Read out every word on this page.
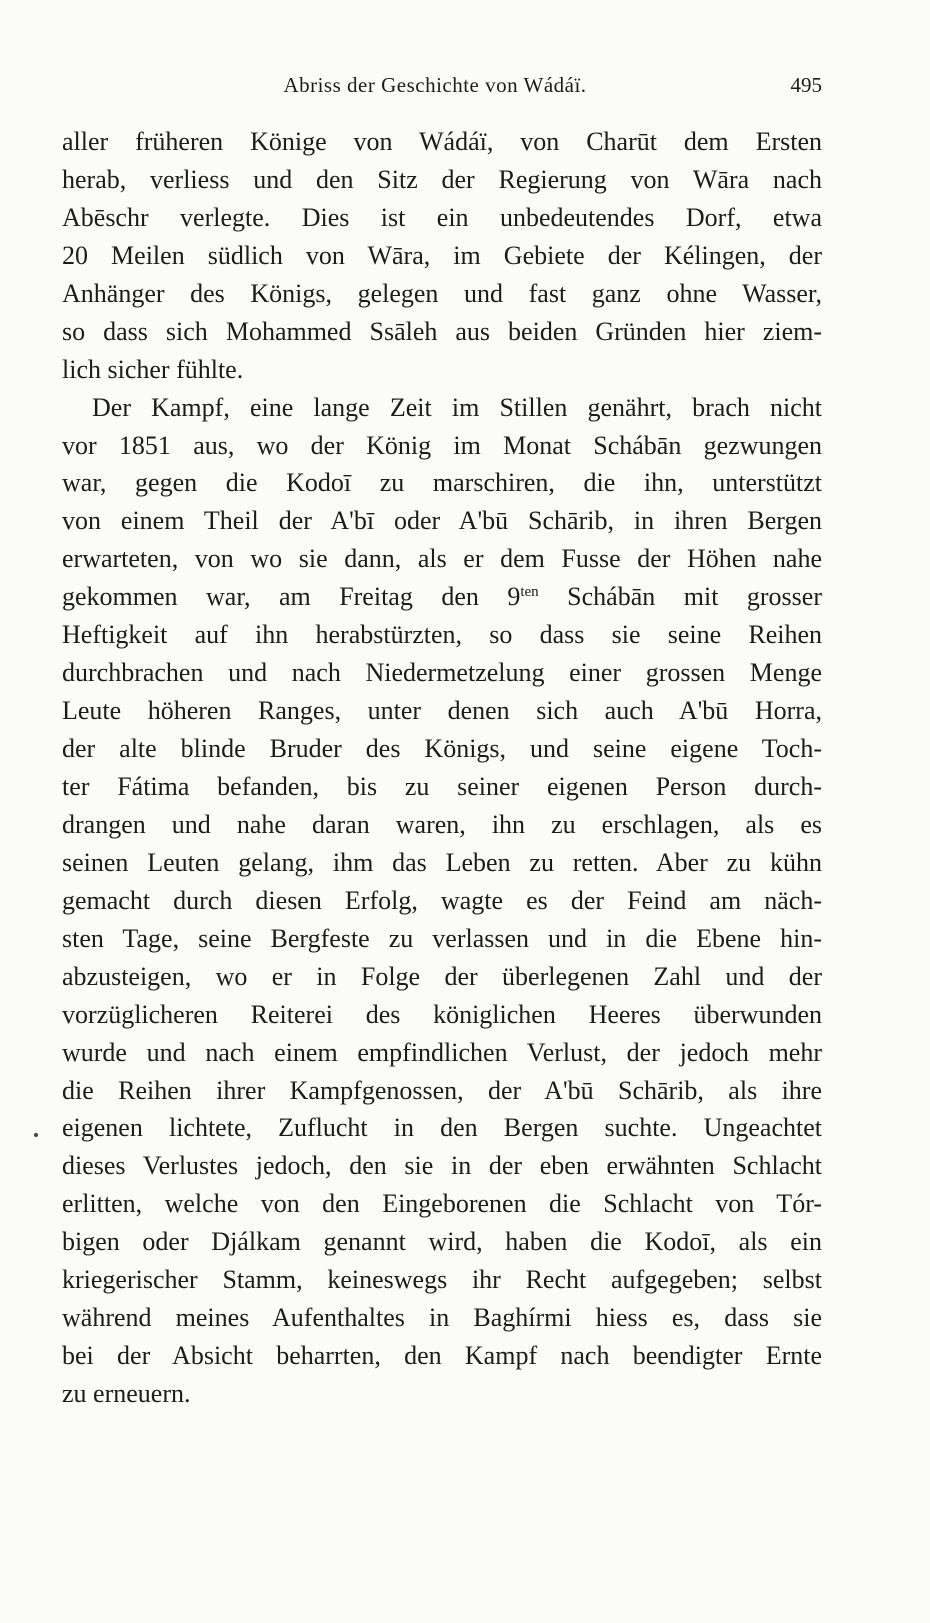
Abriss der Geschichte von Wádáï.	495
aller früheren Könige von Wádáï, von Charūt dem Ersten
herab, verliess und den Sitz der Regierung von Wāra nach
Abēschr verlegte. Dies ist ein unbedeutendes Dorf, etwa
20 Meilen südlich von Wāra, im Gebiete der Kélingen, der
Anhänger des Königs, gelegen und fast ganz ohne Wasser,
so dass sich Mohammed Ssāleh aus beiden Gründen hier ziem-
lich sicher fühlte.
Der Kampf, eine lange Zeit im Stillen genährt, brach nicht
vor 1851 aus, wo der König im Monat Schábān gezwungen
war, gegen die Kodoī zu marschiren, die ihn, unterstützt
von einem Theil der A'bī oder A'bū Schārib, in ihren Bergen
erwarteten, von wo sie dann, als er dem Fusse der Höhen nahe
gekommen war, am Freitag den $9^{ten}$ Schábān mit grosser
Heftigkeit auf ihn herabstürzten, so dass sie seine Reihen
durchbrachen und nach Niedermetzelung einer grossen Menge
Leute höheren Ranges, unter denen sich auch A'bū Horra,
der alte blinde Bruder des Königs, und seine eigene Toch-
ter Fátima befanden, bis zu seiner eigenen Person durch-
drangen und nahe daran waren, ihn zu erschlagen, als es
seinen Leuten gelang, ihm das Leben zu retten. Aber zu kühn
gemacht durch diesen Erfolg, wagte es der Feind am näch-
sten Tage, seine Bergfeste zu verlassen und in die Ebene hin-
abzusteigen, wo er in Folge der überlegenen Zahl und der
vorzüglicheren Reiterei des königlichen Heeres überwunden
wurde und nach einem empfindlichen Verlust, der jedoch mehr
die Reihen ihrer Kampfgenossen, der A'bū Schārib, als ihre
eigenen lichtete, Zuflucht in den Bergen suchte. Ungeachtet
dieses Verlustes jedoch, den sie in der eben erwähnten Schlacht
erlitten, welche von den Eingeborenen die Schlacht von Tór-
bigen oder Djálkam genannt wird, haben die Kodoī, als ein
kriegerischer Stamm, keineswegs ihr Recht aufgegeben; selbst
während meines Aufenthaltes in Baghírmi hiess es, dass sie
bei der Absicht beharrten, den Kampf nach beendigter Ernte
zu erneuern.
